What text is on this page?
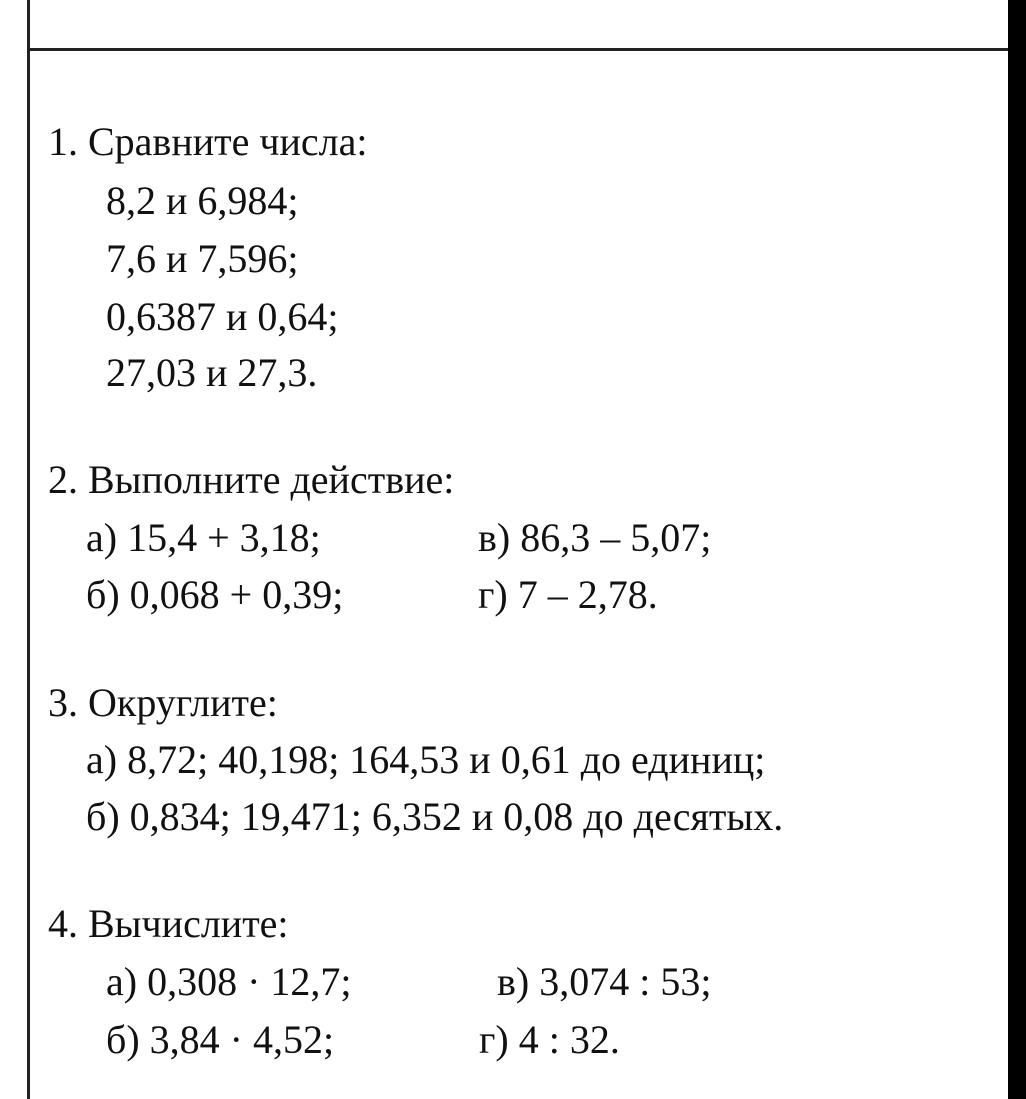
1. Сравните числа:
8,2 и 6,984;
7,6 и 7,596;
0,6387 и 0,64;
27,03 и 27,3.
2. Выполните действие:
а) 15,4 + 3,18;	в) 86,3 – 5,07;
б) 0,068 + 0,39;	г) 7 – 2,78.
3. Округлите:
а) 8,72; 40,198; 164,53 и 0,61 до единиц;
б) 0,834; 19,471; 6,352 и 0,08 до десятых.
4. Вычислите:
а) 0,308 · 12,7;	в) 3,074 : 53;
б) 3,84 · 4,52;	г) 4 : 32.
